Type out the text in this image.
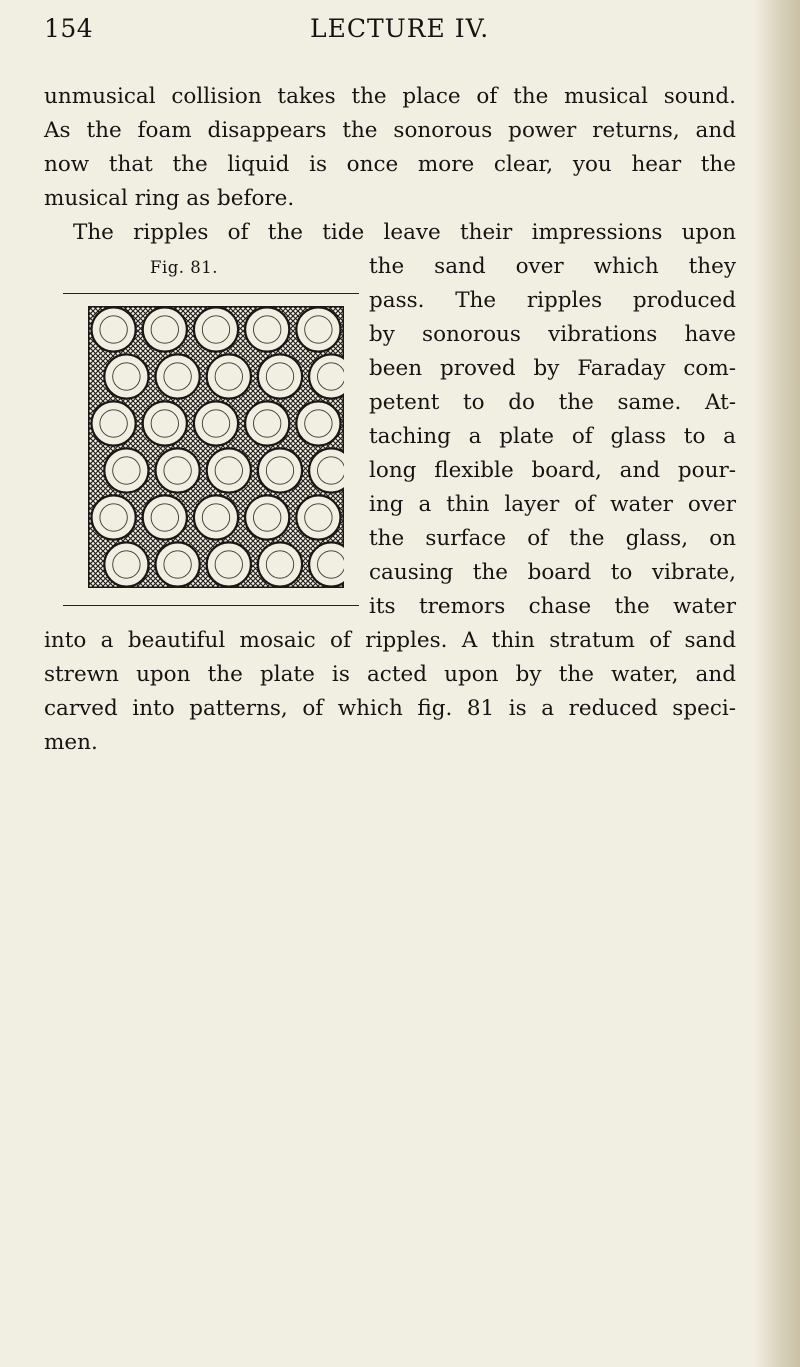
154	LECTURE IV.
unmusical collision takes the place of the musical sound.
As the foam disappears the sonorous power returns, and
now that the liquid is once more clear, you hear the
musical ring as before.
The ripples of the tide leave their impressions upon
Fig. 81.	the sand over which they
pass. The ripples produced
by sonorous vibrations have
been proved by Faraday com-
petent to do the same. At-
taching a plate of glass to a
long flexible board, and pour-
ing a thin layer of water over
the surface of the glass, on
causing the board to vibrate,
its tremors chase the water
into a beautiful mosaic of ripples. A thin stratum of sand
strewn upon the plate is acted upon by the water, and
carved into patterns, of which fig. 81 is a reduced speci-
men.
